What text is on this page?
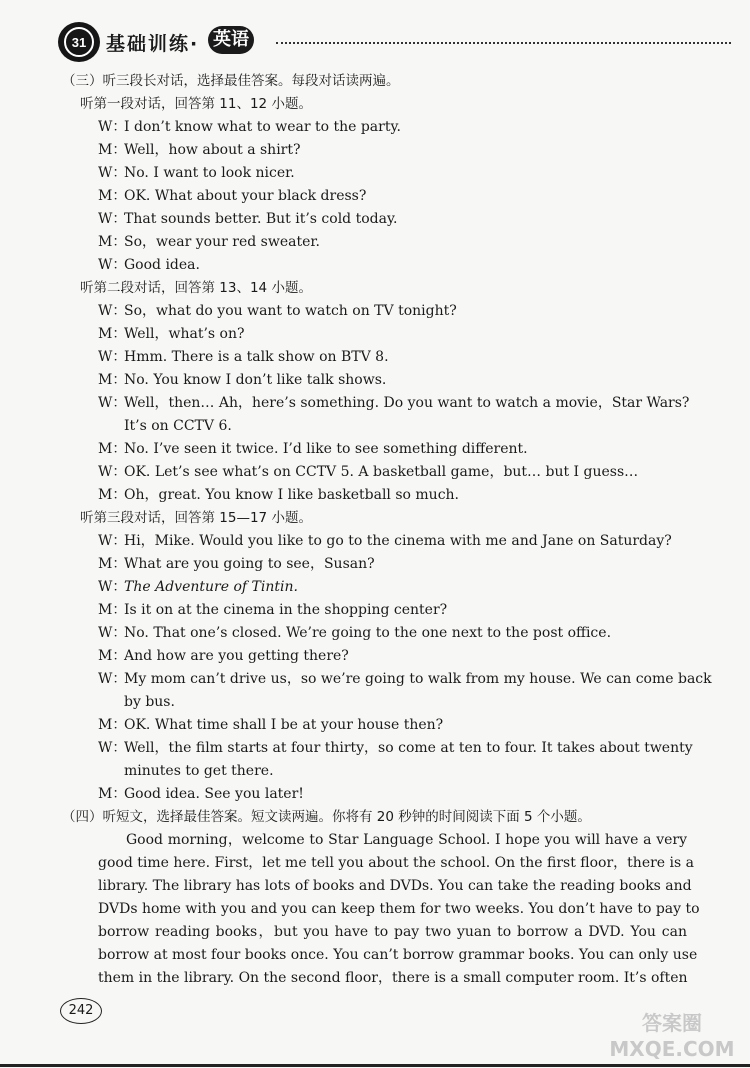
31	基础训练· 英语
（三）听三段长对话，选择最佳答案。每段对话读两遍。
听第一段对话，回答第 11、12 小题。
W：
I don’t know what to wear to the party.
M：
Well，how about a shirt?
W：
No. I want to look nicer.
M：
OK. What about your black dress?
W：
That sounds better. But it’s cold today.
M：
So，wear your red sweater.
W：
Good idea.
听第二段对话，回答第 13、14 小题。
W：
So，what do you want to watch on TV tonight?
M：
Well，what’s on?
W：
Hmm. There is a talk show on BTV 8.
M：
No. You know I don’t like talk shows.
W：
Well，then… Ah，here’s something. Do you want to watch a movie，Star Wars?
It’s on CCTV 6.
M：
No. I’ve seen it twice. I’d like to see something different.
W：
OK. Let’s see what’s on CCTV 5. A basketball game，but… but I guess…
M：
Oh，great. You know I like basketball so much.
听第三段对话，回答第 15—17 小题。
W：
Hi，Mike. Would you like to go to the cinema with me and Jane on Saturday?
M：
What are you going to see，Susan?
W：
The Adventure of Tintin.
M：
Is it on at the cinema in the shopping center?
W：
No. That one’s closed. We’re going to the one next to the post office.
M：
And how are you getting there?
W：
My mom can’t drive us，so we’re going to walk from my house. We can come back
by bus.
M：
OK. What time shall I be at your house then?
W：
Well，the film starts at four thirty，so come at ten to four. It takes about twenty
minutes to get there.
M：
Good idea. See you later!
（四）听短文，选择最佳答案。短文读两遍。你将有 20 秒钟的时间阅读下面 5 个小题。
Good morning，welcome to Star Language School. I hope you will have a very
good time here. First，let me tell you about the school. On the first floor，there is a
library. The library has lots of books and DVDs. You can take the reading books and
DVDs home with you and you can keep them for two weeks. You don’t have to pay to
borrow reading books，but you have to pay two yuan to borrow a DVD. You can
borrow at most four books once. You can’t borrow grammar books. You can only use
them in the library. On the second floor，there is a small computer room. It’s often
242
答案圈 MXQE.COM
